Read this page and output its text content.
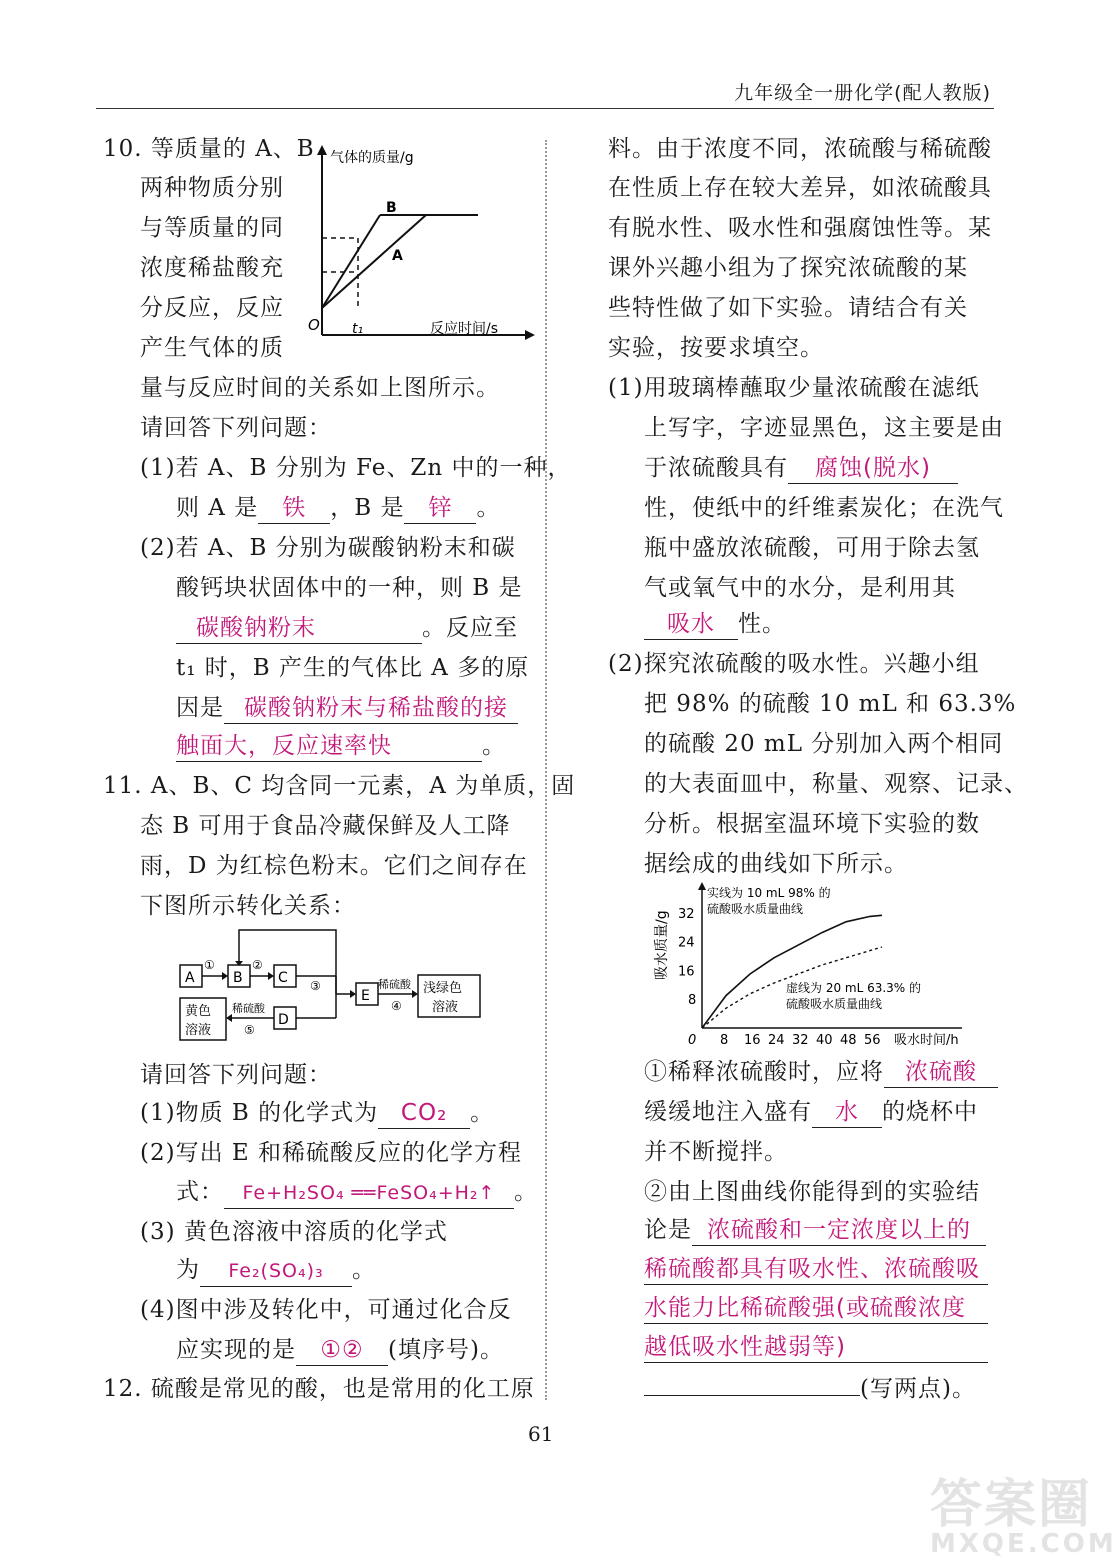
九年级全一册化学(配人教版)
10. 等质量的 A、B
两种物质分别
与等质量的同
浓度稀盐酸充
分反应，反应
产生气体的质
气体的质量/g
反应时间/s
O t₁
B
A
量与反应时间的关系如上图所示。
请回答下列问题：
(1)若 A、B 分别为 Fe、Zn 中的一种，
则 A 是 铁 ，B 是 锌 。
(2)若 A、B 分别为碳酸钠粉末和碳
酸钙块状固体中的一种，则 B 是
碳酸钠粉末	。反应至
t₁ 时，B 产生的气体比 A 多的原
因是 碳酸钠粉末与稀盐酸的接
触面大，反应速率快	。
11. A、B、C 均含同一元素，A 为单质，固
态 B 可用于食品冷藏保鲜及人工降
雨，D 为红棕色粉末。它们之间存在
下图所示转化关系：
A
①
B
②
C ③
D
E
稀硫酸
④
浅绿色
溶液
稀硫酸
⑤
黄色
溶液
请回答下列问题：
(1)物质 B 的化学式为 CO₂ 。
(2)写出 E 和稀硫酸反应的化学方程
式： Fe+H₂SO₄ ══FeSO₄+H₂↑ 。
(3) 黄色溶液中溶质的化学式
为 Fe₂(SO₄)₃ 。
(4)图中涉及转化中，可通过化合反
应实现的是 ①② (填序号)。
12. 硫酸是常见的酸，也是常用的化工原
料。由于浓度不同，浓硫酸与稀硫酸
在性质上存在较大差异，如浓硫酸具
有脱水性、吸水性和强腐蚀性等。某
课外兴趣小组为了探究浓硫酸的某
些特性做了如下实验。请结合有关
实验，按要求填空。
(1)用玻璃棒蘸取少量浓硫酸在滤纸
上写字，字迹显黑色，这主要是由
于浓硫酸具有 腐蚀(脱水)
性，使纸中的纤维素炭化；在洗气
瓶中盛放浓硫酸，可用于除去氢
气或氧气中的水分，是利用其
吸水 性。
(2)探究浓硫酸的吸水性。兴趣小组
把 98% 的硫酸 10 mL 和 63.3%
的硫酸 20 mL 分别加入两个相同
的大表面皿中，称量、观察、记录、
分析。根据室温环境下实验的数
据绘成的曲线如下所示。
吸水质量/g
吸水时间/h
实线为 10 mL 98% 的
硫酸吸水质量曲线
虚线为 20 mL 63.3% 的
硫酸吸水质量曲线
0 8 16 24 32 40 48 56
8
16
24
32
①稀释浓硫酸时，应将 浓硫酸
缓缓地注入盛有 水 的烧杯中
并不断搅拌。
②由上图曲线你能得到的实验结
论是 浓硫酸和一定浓度以上的
稀硫酸都具有吸水性、浓硫酸吸
水能力比稀硫酸强(或硫酸浓度
越低吸水性越弱等)
(写两点)。
61
答案圈
MXQE.COM
